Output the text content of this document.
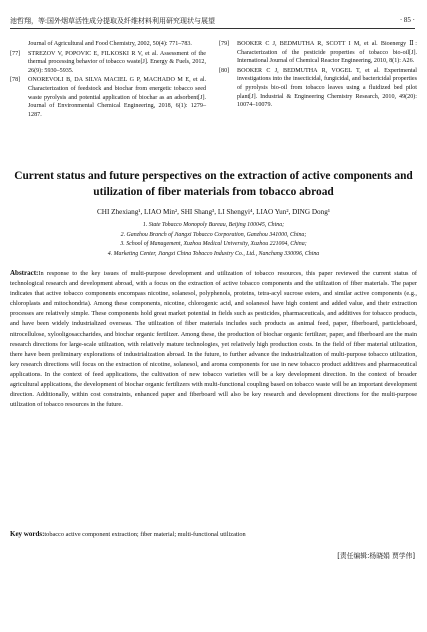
池哲翔，等:国外烟草活性成分提取及纤维材料利用研究现状与展望	· 85 ·
Journal of Agricultural and Food Chemistry, 2002, 50(4): 771–783.
[77] STREZOV V, POPOVIC E, FILKOSKI R V, et al. Assessment of the thermal processing behavior of tobacco waste[J]. Energy & Fuels, 2012, 26(9): 5930–5935.
[78] ONOREVOLI B, DA SILVA MACIEL G P, MACHADO M E, et al. Characterization of feedstock and biochar from energetic tobacco seed waste pyrolysis and potential application of biochar as an adsorbent[J]. Journal of Environmental Chemical Engineering, 2018, 6(1): 1279–1287.
[79] BOOKER C J, BEDMUTHA R, SCOTT I M, et al. Bioenergy Ⅱ: Characterization of the pesticide properties of tobacco bio-oil[J]. International Journal of Chemical Reactor Engineering, 2010, 8(1): A26.
[80] BOOKER C J, BEDMUTHA R, VOGEL T, et al. Experimental investigations into the insecticidal, fungicidal, and bactericidal properties of pyrolysis bio-oil from tobacco leaves using a fluidized bed pilot plant[J]. Industrial & Engineering Chemistry Research, 2010, 49(20): 10074–10079.
Current status and future perspectives on the extraction of active components and utilization of fiber materials from tobacco abroad
CHI Zhexiang¹, LIAO Min², SHI Shang³, LI Shengyi⁴, LIAO Yun², DING Dong¹
1. State Tobacco Monopoly Bureau, Beijing 100045, China;
2. Ganzhou Branch of Jiangxi Tobacco Corporation, Ganzhou 341000, China;
3. School of Management, Xuzhou Medical University, Xuzhou 221004, China;
4. Marketing Center, Jiangxi China Tobacco Industry Co., Ltd., Nanchang 330096, China
Abstract:In response to the key issues of multi-purpose development and utilization of tobacco resources, this paper reviewed the current status of technological research and development abroad, with a focus on the extraction of active tobacco components and the utilization of fiber materials. The paper indicates that active tobacco components encompass nicotine, solanesol, polyphenols, proteins, tetra-acyl sucrose esters, and similar active components (e.g., chloroplasts and mitochondria). Among these components, nicotine, chlorogenic acid, and solanesol have high content and added value, and their extraction processes are relatively simple. These components hold great market potential in fields such as pesticides, pharmaceuticals, and additives for tobacco products, and have been widely industrialized overseas. The utilization of fiber materials includes such products as animal feed, paper, fiberboard, particleboard, nitrocellulose, xylooligosaccharides, and biochar organic fertilizer. Among these, the production of biochar organic fertilizer, paper, and fiberboard are the main research directions for large-scale utilization, with relatively mature technologies, yet relatively high production costs. In the field of fiber material utilization, there have been preliminary explorations of industrialization abroad. In the future, to further advance the industrialization of multi-purpose tobacco utilization, key research directions will focus on the extraction of nicotine, solanesol, and aroma components for use in new tobacco product additives and pharmaceutical applications. In the context of feed applications, the cultivation of new tobacco varieties will be a key development direction. In the context of broader agricultural applications, the development of biochar organic fertilizers with multi-functional coupling based on tobacco waste will be an important development direction. Additionally, within cost constraints, enhanced paper and fiberboard will also be key research and development directions for the multi-purpose utilization of tobacco resources in the future.
Key words:tobacco active component extraction; fiber material; multi-functional utilization
[责任编辑:杨晓娟 贾学伟]
